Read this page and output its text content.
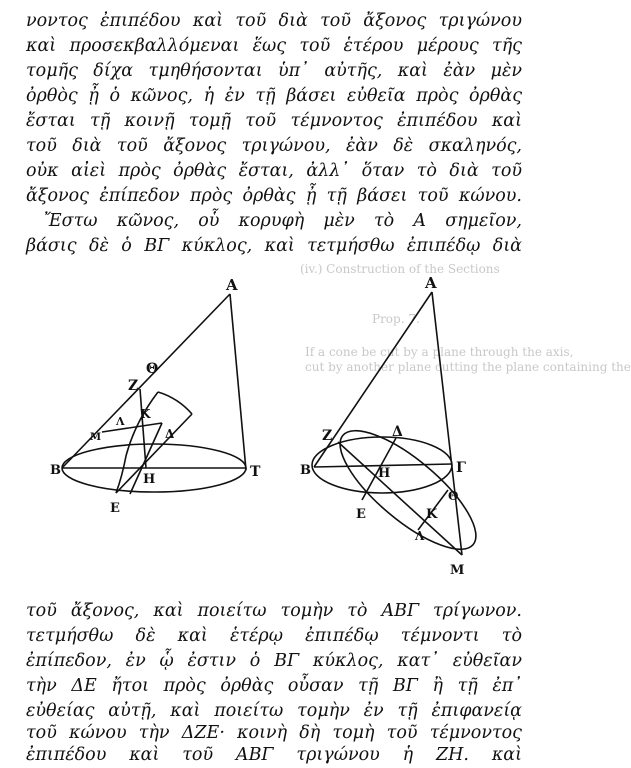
(iv.) Construction of the Sections
Prop. 7.
If a cone be cut by a plane through the axis,
cut by another plane cutting the plane containing the
νοντος ἐπιπέδου καὶ τοῦ διὰ τοῦ ἄξονος τριγώνου
καὶ προσεκβαλλόμεναι ἕως τοῦ ἑτέρου μέρους τῆς
τομῆς δίχα τμηθήσονται ὑπ᾽ αὐτῆς, καὶ ἐὰν μὲν
ὀρθὸς ᾖ ὁ κῶνος, ἡ ἐν τῇ βάσει εὐθεῖα πρὸς ὀρθὰς
ἔσται τῇ κοινῇ τομῇ τοῦ τέμνοντος ἐπιπέδου καὶ
τοῦ διὰ τοῦ ἄξονος τριγώνου, ἐὰν δὲ σκαληνός,
οὐκ αἰεὶ πρὸς ὀρθὰς ἔσται, ἀλλ᾽ ὅταν τὸ διὰ τοῦ
ἄξονος ἐπίπεδον πρὸς ὀρθὰς ᾖ τῇ βάσει τοῦ κώνου.
Ἔστω κῶνος, οὗ κορυφὴ μὲν τὸ Α σημεῖον,
βάσις δὲ ὁ ΒΓ κύκλος, καὶ τετμήσθω ἐπιπέδῳ διὰ
Α
Ζ
Θ
Μ
Λ
Κ
Δ
Β
Η	Τ
Ε
Α
Ζ	Δ
Β	Η	Γ
Ε
Θ
Κ
Λ
Μ
τοῦ ἄξονος, καὶ ποιείτω τομὴν τὸ ΑΒΓ τρίγωνον.
τετμήσθω δὲ καὶ ἑτέρῳ ἐπιπέδῳ τέμνοντι τὸ
ἐπίπεδον, ἐν ᾧ ἐστιν ὁ ΒΓ κύκλος, κατ᾽ εὐθεῖαν
τὴν ΔΕ ἤτοι πρὸς ὀρθὰς οὖσαν τῇ ΒΓ ἢ τῇ ἐπ᾽
εὐθείας αὐτῇ, καὶ ποιείτω τομὴν ἐν τῇ ἐπιφανείᾳ
τοῦ κώνου τὴν ΔΖΕ· κοινὴ δὴ τομὴ τοῦ τέμνοντος
ἐπιπέδου καὶ τοῦ ΑΒΓ τριγώνου ἡ ΖΗ. καὶ
